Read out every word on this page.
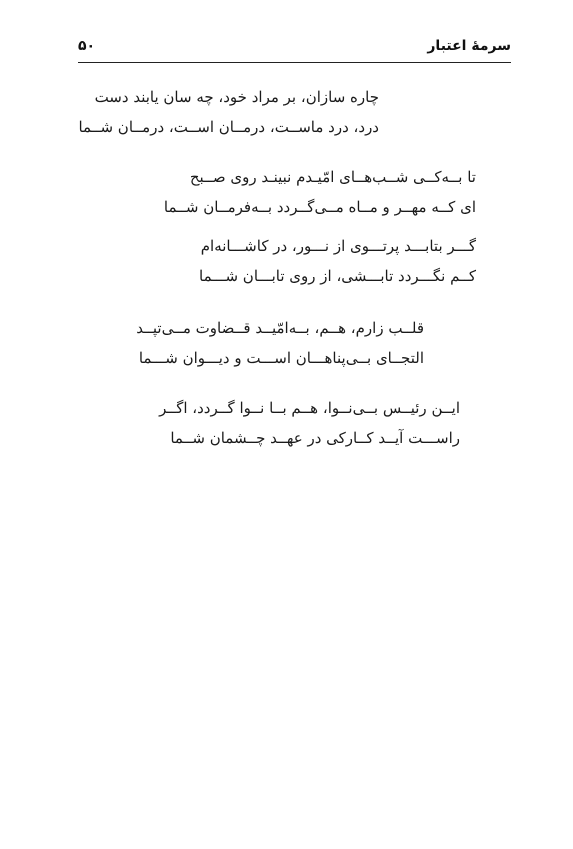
سرمهٔ اعتبار
۵۰
چاره سازان، بر مراد خود، چه سان یابند دست
درد، درد ماســت، درمــان اســت، درمــان شــما
تا بــه‌کــی شــب‌هــای امّیـدم نبینـد روی صــبح
ای کــه مهــر و مــاه مــی‌گــردد بــه‌فرمــان شــما
گـــر بتابـــد پرتـــوی از نـــور، در کاشـــانه‌ام
کــم نگـــردد تابـــشی، از روی تابـــان شـــما
قلــب زارم، هــم، بــه‌امّیــد قــضاوت مــی‌تپــد
التجــای بــی‌پناهـــان اســـت و دیـــوان شـــما
ایــن رئیــس بــی‌نــوا، هــم بــا نــوا گــردد، اگــر
راســـت آیــد کــارکی در عهــد چــشمان شــما
